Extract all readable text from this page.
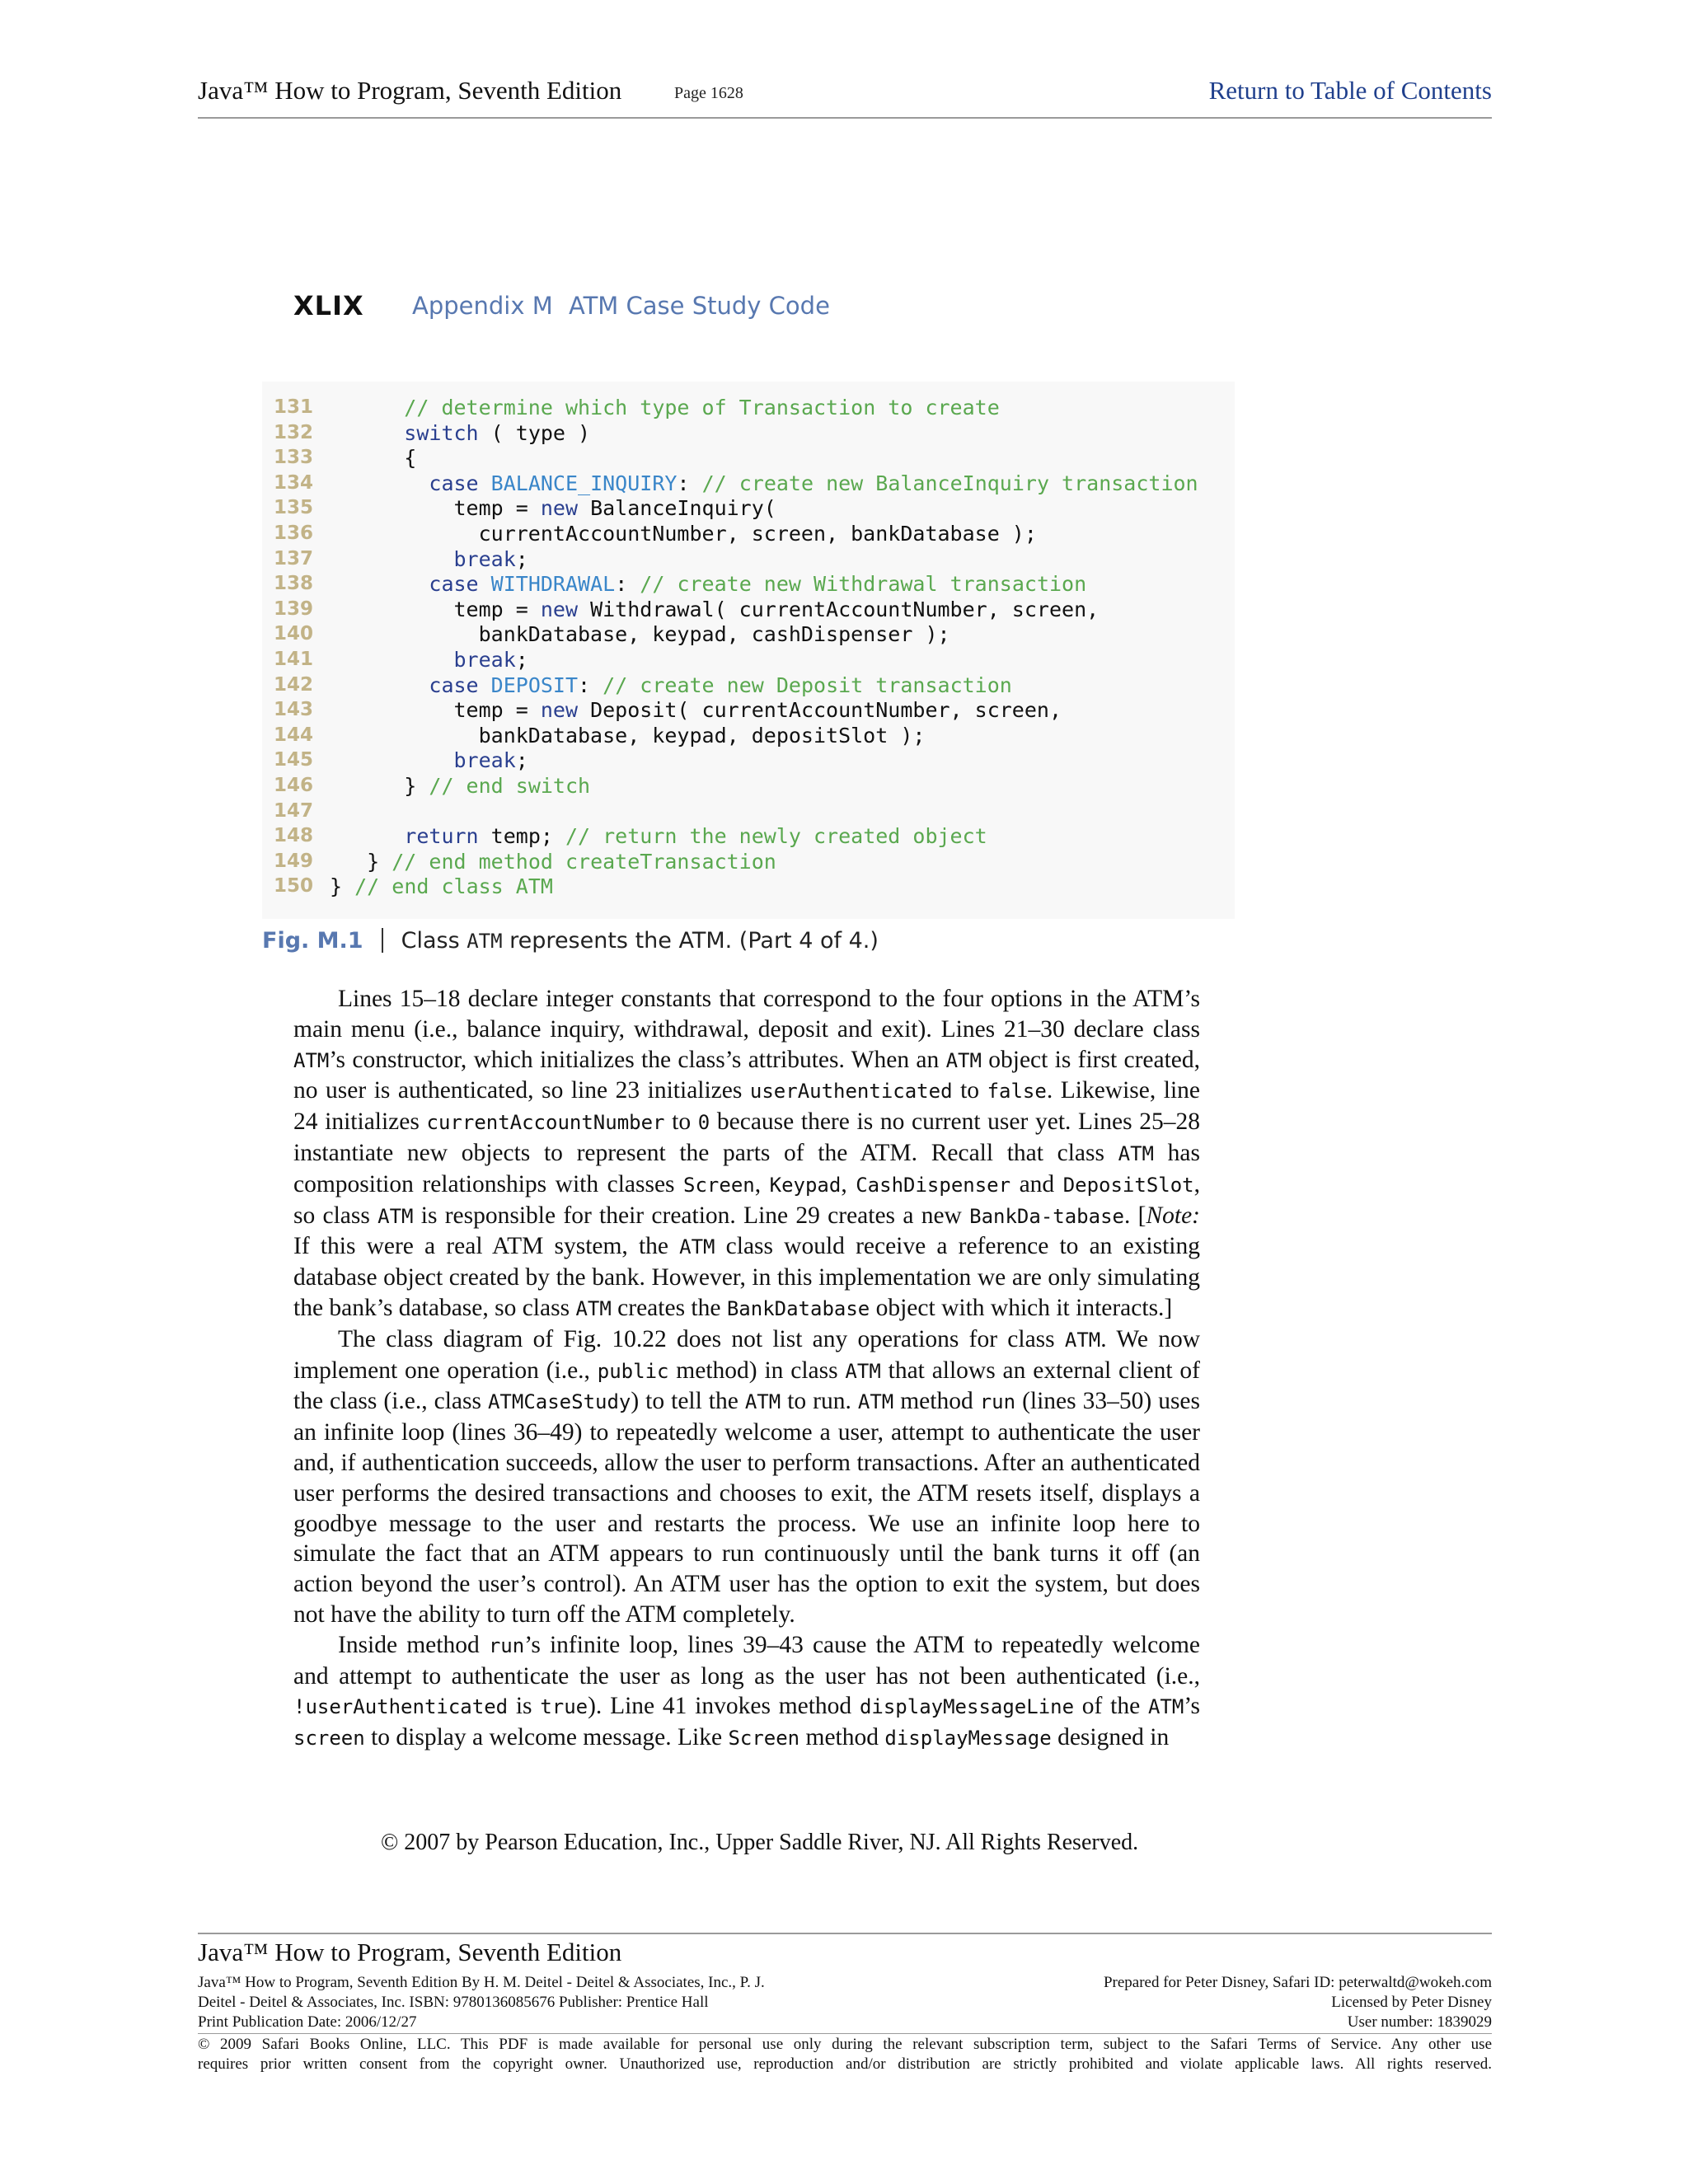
Java™ How to Program, Seventh Edition	Page 1628	Return to Table of Contents
XLIX Appendix M ATM Case Study Code
131	// determine which type of Transaction to create
132	switch ( type )
133	{
134	case BALANCE_INQUIRY: // create new BalanceInquiry transaction
135	temp = new BalanceInquiry(
136	currentAccountNumber, screen, bankDatabase );
137	break;
138	case WITHDRAWAL: // create new Withdrawal transaction
139	temp = new Withdrawal( currentAccountNumber, screen,
140	bankDatabase, keypad, cashDispenser );
141	break;
142	case DEPOSIT: // create new Deposit transaction
143	temp = new Deposit( currentAccountNumber, screen,
144	bankDatabase, keypad, depositSlot );
145	break;
146	} // end switch
147
148	return temp; // return the newly created object
149	} // end method createTransaction
150 } // end class ATM
Fig. M.1 Class ATM represents the ATM. (Part 4 of 4.)

Lines 15–18 declare integer constants that correspond to the four options in the ATM’s main menu (i.e., balance inquiry, withdrawal, deposit and exit). Lines 21–30 declare class ATM’s constructor, which initializes the class’s attributes. When an ATM object is first created, no user is authenticated, so line 23 initializes userAuthenticated to false. Likewise, line 24 initializes currentAccountNumber to 0 because there is no current user yet. Lines 25–28 instantiate new objects to represent the parts of the ATM. Recall that class ATM has composition relationships with classes Screen, Keypad, CashDispenser and DepositSlot, so class ATM is responsible for their creation. Line 29 creates a new BankDa-tabase. [Note: If this were a real ATM system, the ATM class would receive a reference to an existing database object created by the bank. However, in this implementation we are only simulating the bank’s database, so class ATM creates the BankDatabase object with which it interacts.]

The class diagram of Fig. 10.22 does not list any operations for class ATM. We now implement one operation (i.e., public method) in class ATM that allows an external client of the class (i.e., class ATMCaseStudy) to tell the ATM to run. ATM method run (lines 33–50) uses an infinite loop (lines 36–49) to repeatedly welcome a user, attempt to authenticate the user and, if authentication succeeds, allow the user to perform transactions. After an authenticated user performs the desired transactions and chooses to exit, the ATM resets itself, displays a goodbye message to the user and restarts the process. We use an infinite loop here to simulate the fact that an ATM appears to run continuously until the bank turns it off (an action beyond the user’s control). An ATM user has the option to exit the system, but does not have the ability to turn off the ATM completely.

Inside method run’s infinite loop, lines 39–43 cause the ATM to repeatedly welcome and attempt to authenticate the user as long as the user has not been authenticated (i.e., !userAuthenticated is true). Line 41 invokes method displayMessageLine of the ATM’s screen to display a welcome message. Like Screen method displayMessage designed in

© 2007 by Pearson Education, Inc., Upper Saddle River, NJ. All Rights Reserved.
Java™ How to Program, Seventh Edition
Java™ How to Program, Seventh Edition By H. M. Deitel - Deitel & Associates, Inc., P. J.
Deitel - Deitel & Associates, Inc. ISBN: 9780136085676 Publisher: Prentice Hall
Print Publication Date: 2006/12/27
Prepared for Peter Disney, Safari ID: peterwaltd@wokeh.com
Licensed by Peter Disney
User number: 1839029
© 2009 Safari Books Online, LLC. This PDF is made available for personal use only during the relevant subscription term, subject to the Safari Terms of Service. Any other use
requires prior written consent from the copyright owner. Unauthorized use, reproduction and/or distribution are strictly prohibited and violate applicable laws. All rights reserved.
